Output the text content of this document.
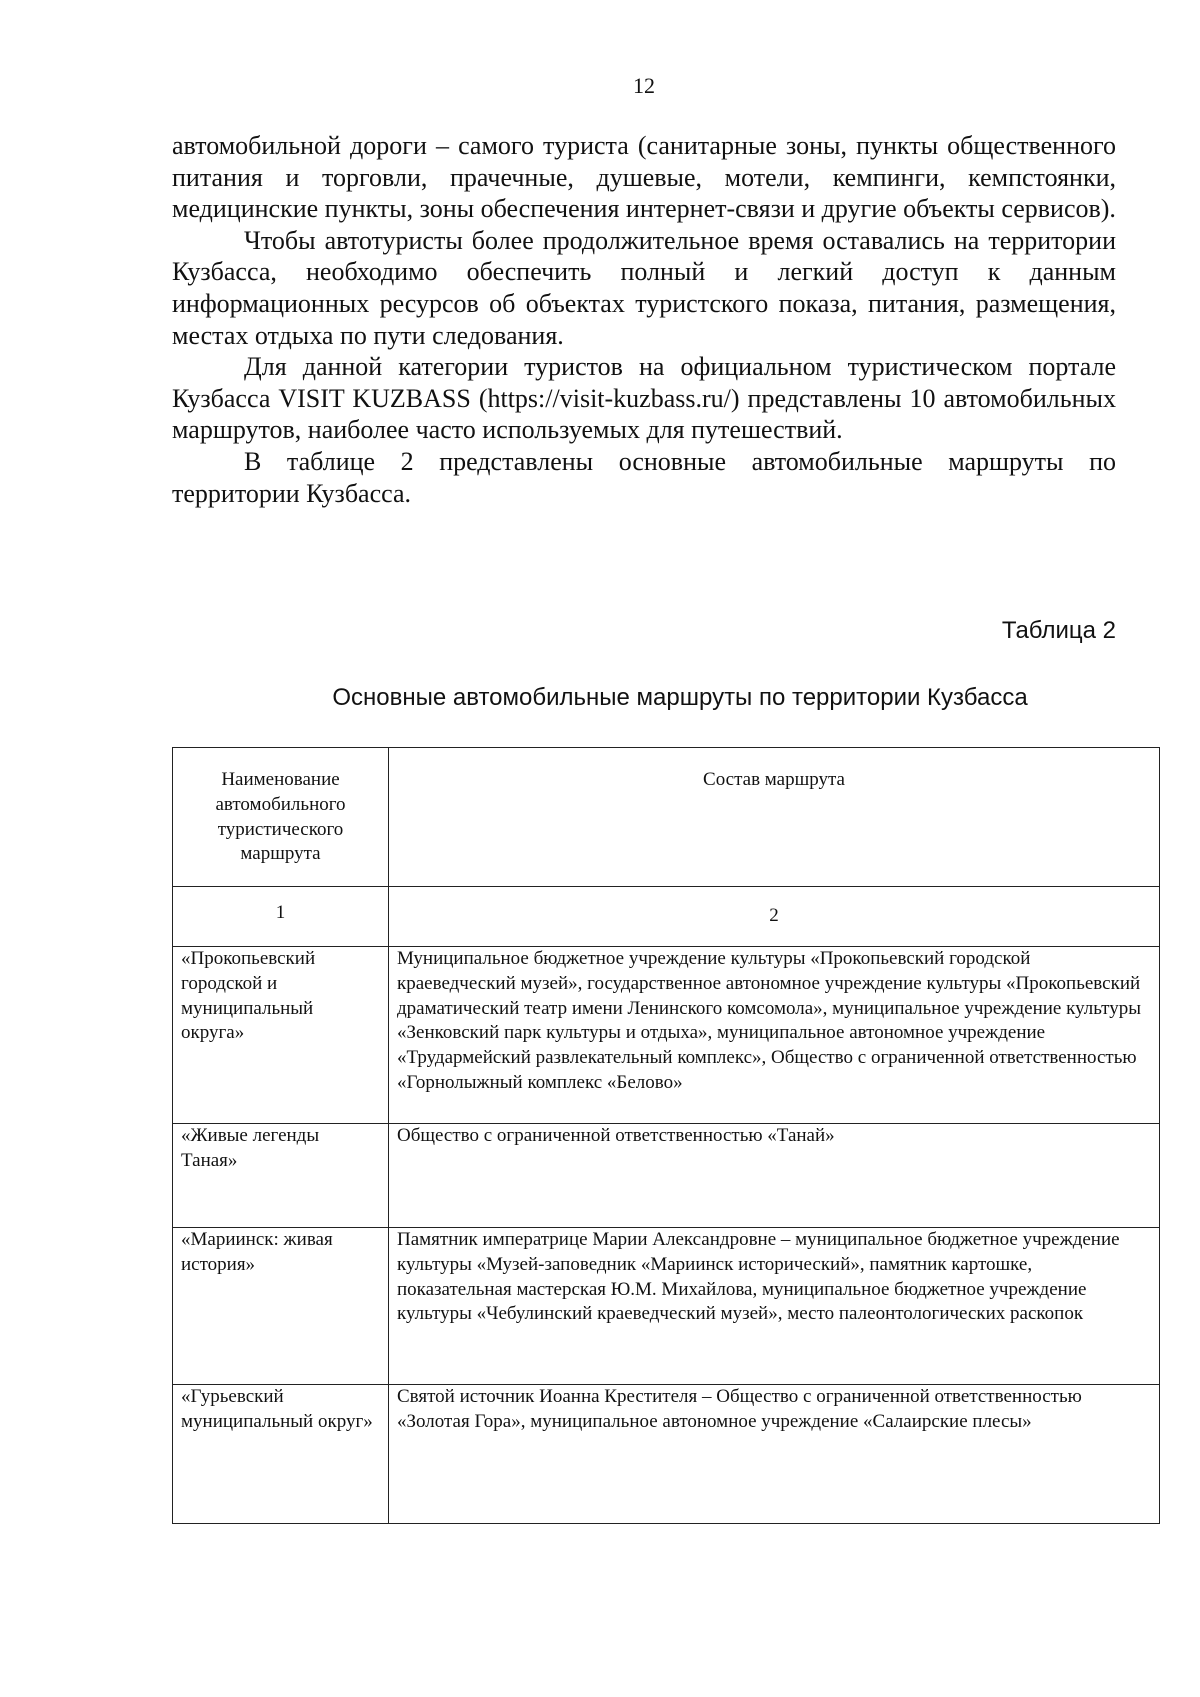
12

автомобильной дороги – самого туриста (санитарные зоны, пункты общественного питания и торговли, прачечные, душевые, мотели, кемпинги, кемпстоянки, медицинские пункты, зоны обеспечения интернет-связи и другие объекты сервисов).

Чтобы автотуристы более продолжительное время оставались на территории Кузбасса, необходимо обеспечить полный и легкий доступ к данным информационных ресурсов об объектах туристского показа, питания, размещения, местах отдыха по пути следования.

Для данной категории туристов на официальном туристическом портале Кузбасса VISIT KUZBASS (https://visit-kuzbass.ru/) представлены 10 автомобильных маршрутов, наиболее часто используемых для путешествий.

В таблице 2 представлены основные автомобильные маршруты по территории Кузбасса.

Таблица 2
Основные автомобильные маршруты по территории Кузбасса
Наименование автомобильного туристического маршрута	Состав маршрута
1	2
«Прокопьевский городской и муниципальный округа»	Муниципальное бюджетное учреждение культуры «Прокопьевский городской краеведческий музей», государственное автономное учреждение культуры «Прокопьевский драматический театр имени Ленинского комсомола», муниципальное учреждение культуры «Зенковский парк культуры и отдыха», муниципальное автономное учреждение «Трудармейский развлекательный комплекс», Общество с ограниченной ответственностью «Горнолыжный комплекс «Белово»
«Живые легенды Таная»	Общество с ограниченной ответственностью «Танай»
«Мариинск: живая история»	Памятник императрице Марии Александровне – муниципальное бюджетное учреждение культуры «Музей-заповедник «Мариинск исторический», памятник картошке, показательная мастерская Ю.М. Михайлова, муниципальное бюджетное учреждение культуры «Чебулинский краеведческий музей», место палеонтологических раскопок
«Гурьевский муниципальный округ»	Святой источник Иоанна Крестителя – Общество с ограниченной ответственностью «Золотая Гора», муниципальное автономное учреждение «Салаирские плесы»
